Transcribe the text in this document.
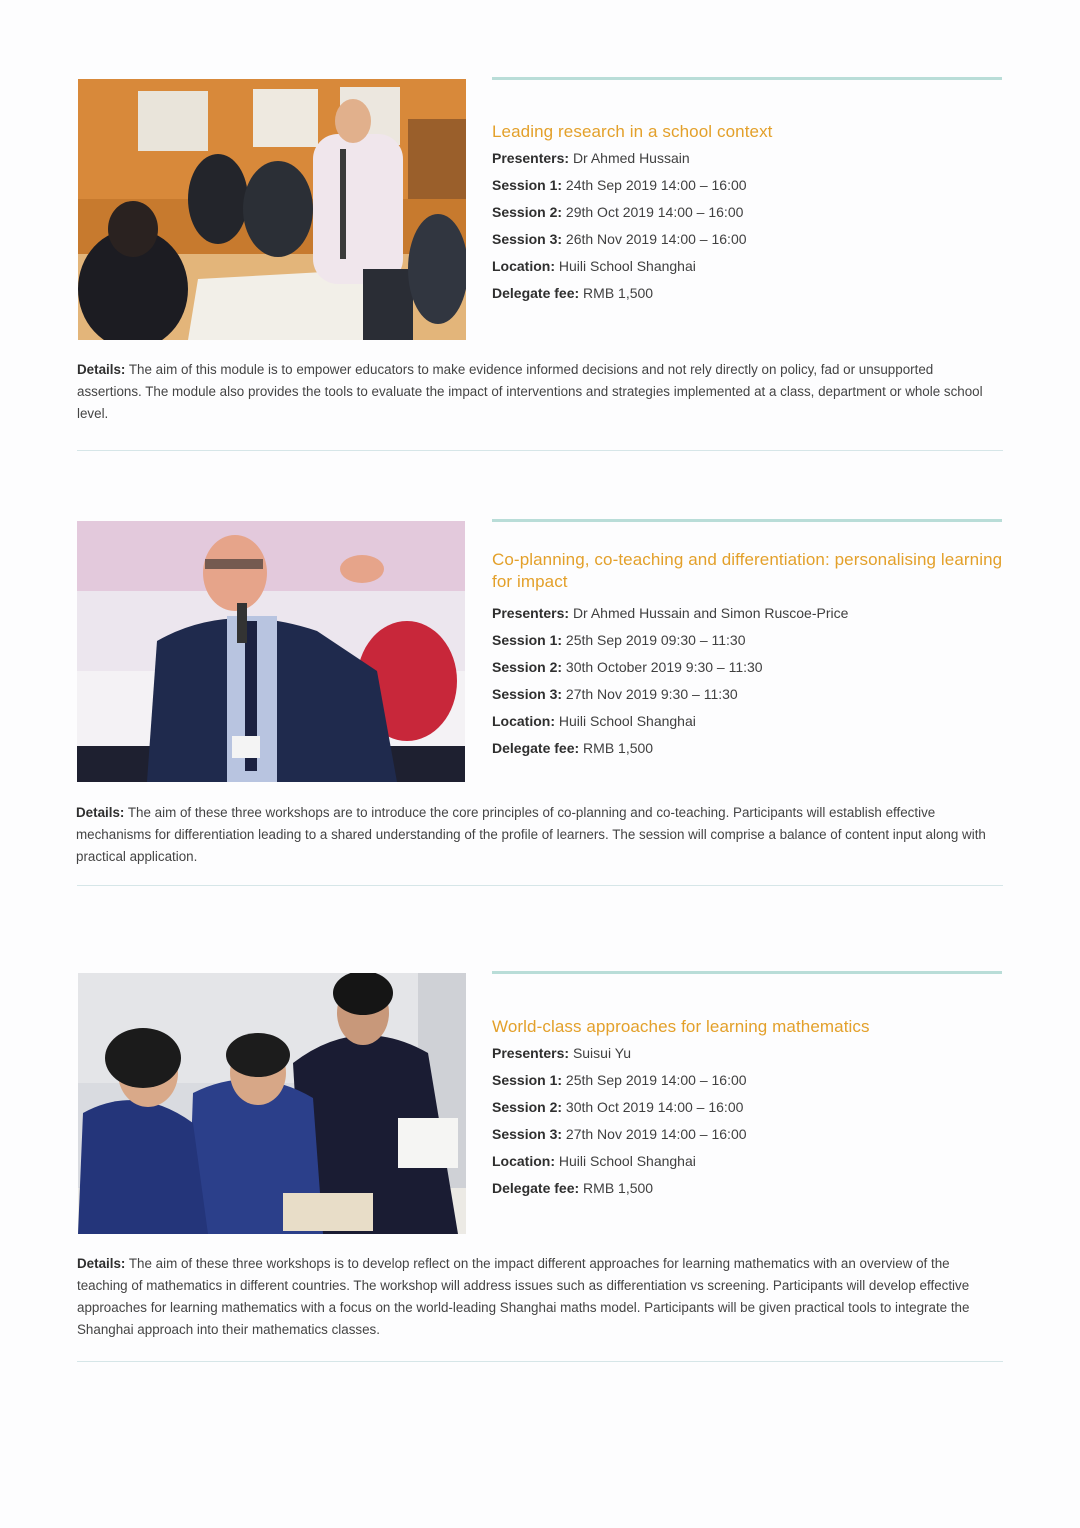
Leading research in a school context
Presenters: Dr Ahmed Hussain
Session 1: 24th Sep 2019 14:00 – 16:00
Session 2: 29th Oct 2019 14:00 – 16:00
Session 3: 26th Nov 2019 14:00 – 16:00
Location: Huili School Shanghai
Delegate fee: RMB 1,500
Details: The aim of this module is to empower educators to make evidence informed decisions and not rely directly on policy, fad or unsupported assertions. The module also provides the tools to evaluate the impact of interventions and strategies implemented at a class, department or whole school level.
Co-planning, co-teaching and differentiation: personalising learning for impact
Presenters: Dr Ahmed Hussain and Simon Ruscoe-Price
Session 1: 25th Sep 2019 09:30 – 11:30
Session 2: 30th October 2019 9:30 – 11:30
Session 3: 27th Nov 2019 9:30 – 11:30
Location: Huili School Shanghai
Delegate fee: RMB 1,500
Details: The aim of these three workshops are to introduce the core principles of co-planning and co-teaching. Participants will establish effective mechanisms for differentiation leading to a shared understanding of the profile of learners. The session will comprise a balance of content input along with practical application.
World-class approaches for learning mathematics
Presenters: Suisui Yu
Session 1: 25th Sep 2019 14:00 – 16:00
Session 2: 30th Oct 2019 14:00 – 16:00
Session 3: 27th Nov 2019 14:00 – 16:00
Location: Huili School Shanghai
Delegate fee: RMB 1,500
Details: The aim of these three workshops is to develop reflect on the impact different approaches for learning mathematics with an overview of the teaching of mathematics in different countries. The workshop will address issues such as differentiation vs screening. Participants will develop effective approaches for learning mathematics with a focus on the world-leading Shanghai maths model. Participants will be given practical tools to integrate the Shanghai approach into their mathematics classes.
